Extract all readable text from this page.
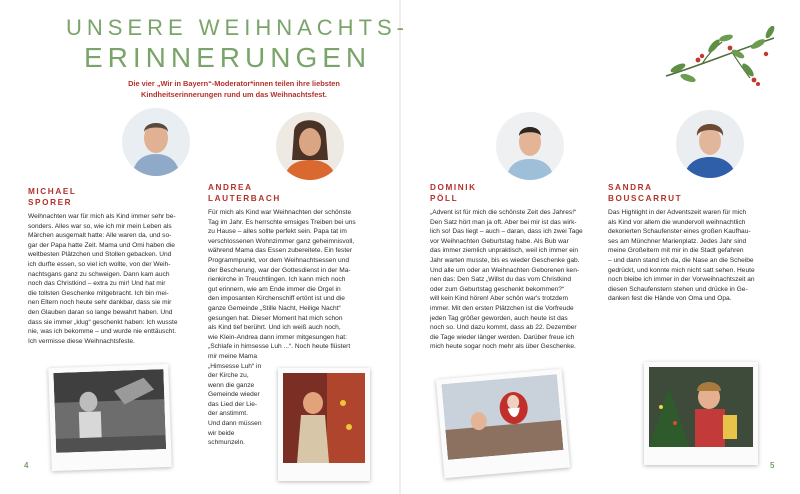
UNSERE WEIHNACHTS-
ERINNERUNGEN
Die vier „Wir in Bayern“-Moderator*innen teilen ihre liebsten Kindheitserinnerungen rund um das Weihnachtsfest.
MICHAEL
SPORER
ANDREA
LAUTERBACH
DOMINIK
PÖLL
SANDRA
BOUSCARRUT
Weihnachten war für mich als Kind immer sehr be-
sonders. Alles war so, wie ich mir mein Leben als
Märchen ausgemalt hatte: Alle waren da, und so-
gar der Papa hatte Zeit. Mama und Omi haben die
weltbesten Plätzchen und Stollen gebacken. Und
ich durfte essen, so viel ich wollte, von der Weih-
nachtsgans ganz zu schweigen. Dann kam auch
noch das Christkind – extra zu mir! Und hat mir
die tollsten Geschenke mitgebracht. Ich bin mei-
nen Eltern noch heute sehr dankbar, dass sie mir
den Glauben daran so lange bewahrt haben. Und
dass sie immer „klug“ geschenkt haben: Ich wusste
nie, was ich bekomme – und wurde nie enttäuscht.
Ich vermisse diese Weihnachtsfeste.
Für mich als Kind war Weihnachten der schönste
Tag im Jahr. Es herrschte emsiges Treiben bei uns
zu Hause – alles sollte perfekt sein. Papa tat im
verschlossenen Wohnzimmer ganz geheimnisvoll,
während Mama das Essen zubereitete. Ein fester
Programmpunkt, vor dem Weihnachtsessen und
der Bescherung, war der Gottesdienst in der Ma-
rienkirche in Treuchtlingen. Ich kann mich noch
gut erinnern, wie am Ende immer die Orgel in
den imposanten Kirchenschiff ertönt ist und die
ganze Gemeinde „Stille Nacht, Heilige Nacht“
gesungen hat. Dieser Moment hat mich schon
als Kind tief berührt. Und ich weiß auch noch,
wie Klein-Andrea dann immer mitgesungen hat:
„Schlafe in himsesse Luh ...“. Noch heute flüstert
mir meine Mama
„Himsesse Luh“ in
der Kirche zu,
wenn die ganze
Gemeinde wieder
das Lied der Lie-
der anstimmt.
Und dann müssen
wir beide
schmunzeln.
„Advent ist für mich die schönste Zeit des Jahres!“
Den Satz hört man ja oft. Aber bei mir ist das wirk-
lich so! Das liegt – auch – daran, dass ich zwei Tage
vor Weihnachten Geburtstag habe. Als Bub war
das immer ziemlich unpraktisch, weil ich immer ein
Jahr warten musste, bis es wieder Geschenke gab.
Und alle um oder an Weihnachten Geborenen ken-
nen das: Den Satz „Willst du das vom Christkind
oder zum Geburtstag geschenkt bekommen?“
will kein Kind hören! Aber schön war's trotzdem
immer. Mit den ersten Plätzchen ist die Vorfreude
jeden Tag größer geworden, auch heute ist das
noch so. Und dazu kommt, dass ab 22. Dezember
die Tage wieder länger werden. Darüber freue ich
mich heute sogar noch mehr als über Geschenke.
Das Highlight in der Adventszeit waren für mich
als Kind vor allem die wundervoll weihnachtlich
dekorierten Schaufenster eines großen Kaufhau-
ses am Münchner Marienplatz. Jedes Jahr sind
meine Großeltern mit mir in die Stadt gefahren
– und dann stand ich da, die Nase an die Scheibe
gedrückt, und konnte mich nicht satt sehen. Heute
noch bleibe ich immer in der Vorweihnachtszeit an
diesen Schaufenstern stehen und drücke in Ge-
danken fest die Hände von Oma und Opa.
4	5
